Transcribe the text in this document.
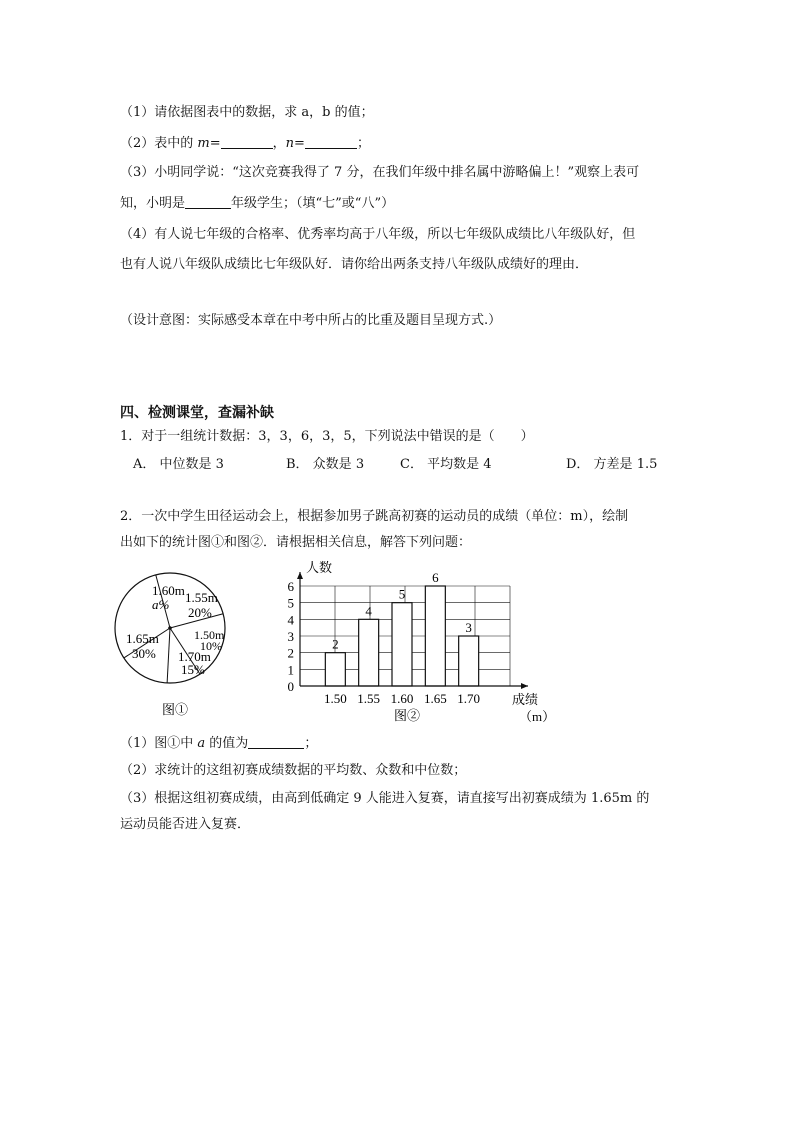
（1）请依据图表中的数据，求 a，b 的值；
（2）表中的 m=	，n=	；
（3）小明同学说：“这次竞赛我得了 7 分，在我们年级中排名属中游略偏上！”观察上表可
知，小明是	年级学生；（填“七”或“八”）
（4）有人说七年级的合格率、优秀率均高于八年级，所以七年级队成绩比八年级队好，但
也有人说八年级队成绩比七年级队好．请你给出两条支持八年级队成绩好的理由．
（设计意图：实际感受本章在中考中所占的比重及题目呈现方式.）
四、检测课堂，查漏补缺
1．对于一组统计数据：3，3，6，3，5，下列说法中错误的是（　　）
A． 中位数是 3	B． 众数是 3	C． 平均数是 4	D． 方差是 1.5
2．一次中学生田径运动会上，根据参加男子跳高初赛的运动员的成绩（单位：m），绘制
出如下的统计图①和图②．请根据相关信息，解答下列问题：
1.60m
a% 1.55m
20%
1.50m
10%
1.70m
15%
1.65m
30%
图①
2
4
5
6
3
0
1
2
3
4
5
6
1.50 1.55 1.60 1.65 1.70
人数
成绩
（m）
图②
（1）图①中 a 的值为	；
（2）求统计的这组初赛成绩数据的平均数、众数和中位数；
（3）根据这组初赛成绩，由高到低确定 9 人能进入复赛，请直接写出初赛成绩为 1.65m 的
运动员能否进入复赛．
